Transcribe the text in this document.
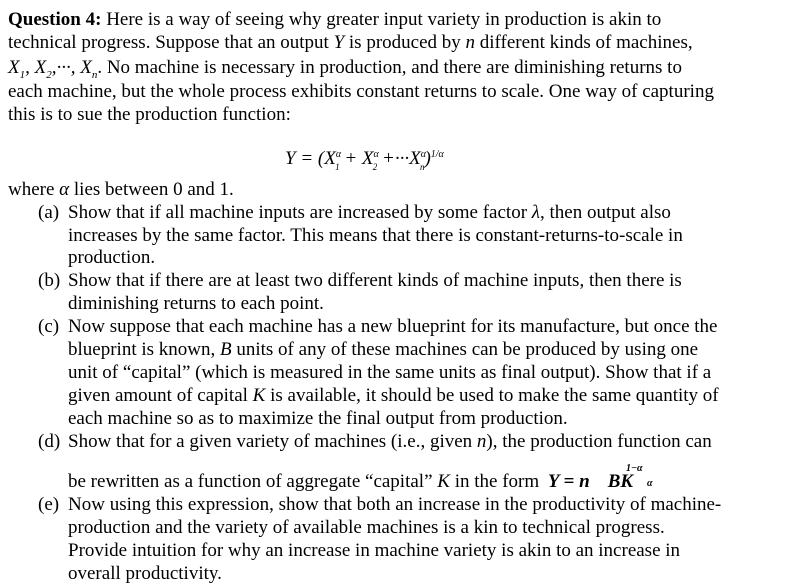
Question 4: Here is a way of seeing why greater input variety in production is akin to
technical progress. Suppose that an output Y is produced by n different kinds of machines,
$X_1$, $X_2,\cdot\cdot\cdot$, $X_n$. No machine is necessary in production, and there are diminishing returns to
each machine, but the whole process exhibits constant returns to scale. One way of capturing
this is to sue the production function:
$Y = (X^\alpha_1 + X^\alpha_2 +\cdot\cdot\cdot X^\alpha_n)^{1/\alpha}$
where α lies between 0 and 1.
(a) Show that if all machine inputs are increased by some factor λ, then output also
increases by the same factor. This means that there is constant-returns-to-scale in
production.
(b) Show that if there are at least two different kinds of machine inputs, then there is
diminishing returns to each point.
(c) Now suppose that each machine has a new blueprint for its manufacture, but once the
blueprint is known, B units of any of these machines can be produced by using one
unit of “capital” (which is measured in the same units as final output). Show that if a
given amount of capital K is available, it should be used to make the same quantity of
each machine so as to maximize the final output from production.
(d) Show that for a given variety of machines (i.e., given n), the production function can
1−α
α
be rewritten as a function of aggregate “capital” K in the form Y = n BK
(e) Now using this expression, show that both an increase in the productivity of machine-
production and the variety of available machines is a kin to technical progress.
Provide intuition for why an increase in machine variety is akin to an increase in
overall productivity.
